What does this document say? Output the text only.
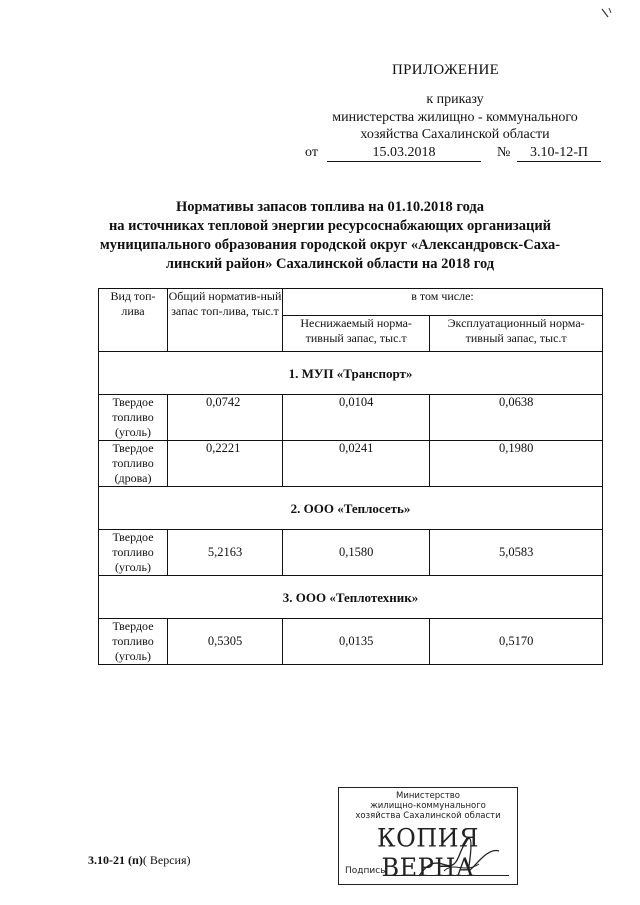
ПРИЛОЖЕНИЕ
к приказу
министерства жилищно - коммунального
хозяйства Сахалинской области
от	15.03.2018	№	3.10-12-П
Нормативы запасов топлива на 01.10.2018 года
на источниках тепловой энергии ресурсоснабжающих организаций
муниципального образования городской округ «Александровск-Саха-
линский район» Сахалинской области на 2018 год
Вид топ-лива	Общий норматив-ный запас топ-лива, тыс.т	в том числе:	
		Неснижаемый норма-тивный запас, тыс.т	Эксплуатационный норма-тивный запас, тыс.т
1. МУП «Транспорт»			
Твердое топливо (уголь)	0,0742	0,0104	0,0638
Твердое топливо (дрова)	0,2221	0,0241	0,1980
2. ООО «Теплосеть»			
Твердое топливо (уголь)	5,2163	0,1580	5,0583
3. ООО «Теплотехник»			
Твердое топливо (уголь)	0,5305	0,0135	0,5170
Министерство
жилищно-коммунального
хозяйства Сахалинской области
КОПИЯ ВЕРНА
Подпись
3.10-21 (п)( Версия)
